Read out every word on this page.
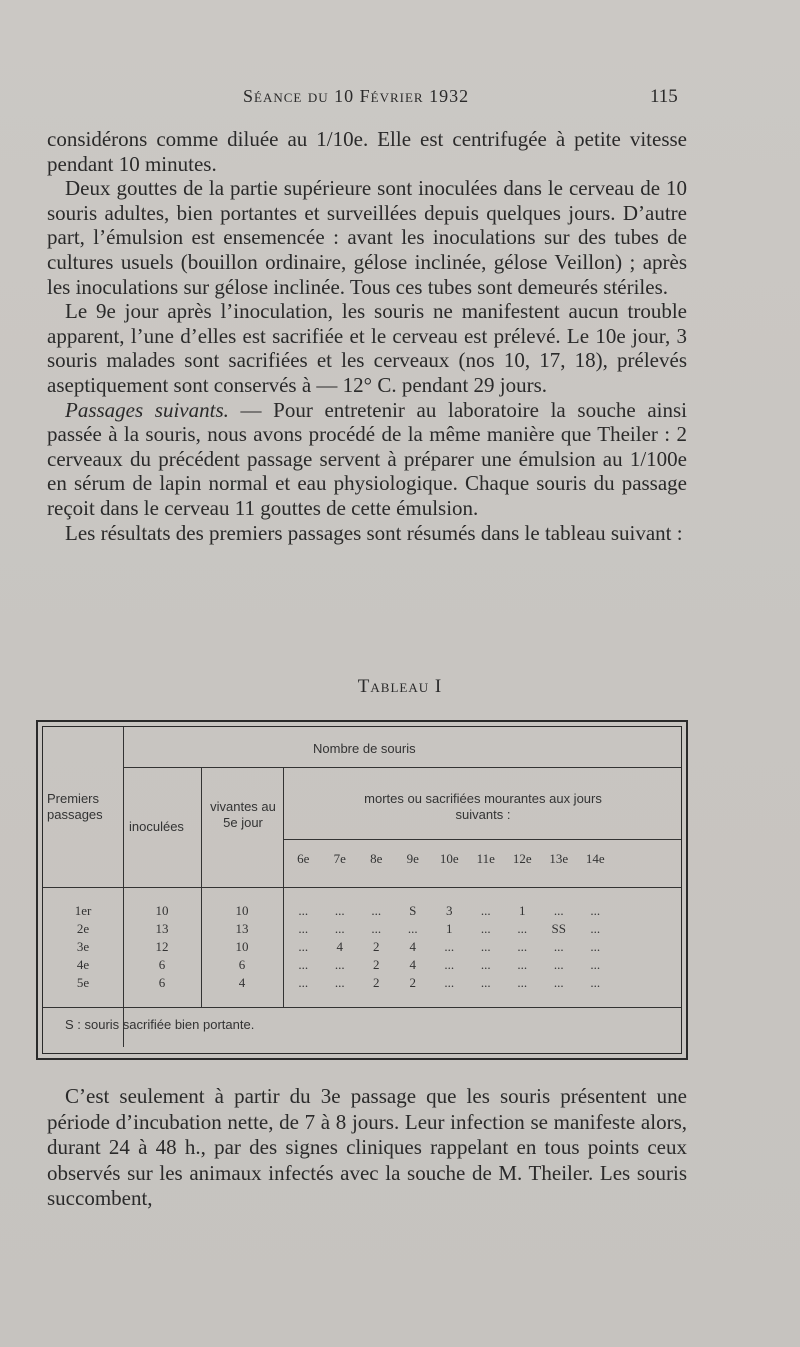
Séance du 10 Février 1932	115

considérons comme diluée au 1/10e. Elle est centrifugée à petite vitesse pendant 10 minutes.

Deux gouttes de la partie supérieure sont inoculées dans le cerveau de 10 souris adultes, bien portantes et surveillées depuis quelques jours. D’autre part, l’émulsion est ensemencée : avant les inoculations sur des tubes de cultures usuels (bouillon ordinaire, gélose inclinée, gélose Veillon) ; après les inoculations sur gélose inclinée. Tous ces tubes sont demeurés stériles.

Le 9e jour après l’inoculation, les souris ne manifestent aucun trouble apparent, l’une d’elles est sacrifiée et le cerveau est prélevé. Le 10e jour, 3 souris malades sont sacrifiées et les cerveaux (nos 10, 17, 18), prélevés aseptiquement sont conservés à — 12° C. pendant 29 jours.

Passages suivants. — Pour entretenir au laboratoire la souche ainsi passée à la souris, nous avons procédé de la même manière que Theiler : 2 cerveaux du précédent passage servent à préparer une émulsion au 1/100e en sérum de lapin normal et eau physiologique. Chaque souris du passage reçoit dans le cerveau 11 gouttes de cette émulsion.

Les résultats des premiers passages sont résumés dans le tableau suivant :

Tableau I
Nombre de souris
Premiers passages
inoculées
vivantes au 5e jour
mortes ou sacrifiées mourantes aux jours suivants :
6e	7e	8e	9e	10e	11e	12e	13e	14e
1er	10	10	...	...	...	S	3	...	1	...	...
2e	13	13	...	...	...	...	1	...	...	SS	...
3e	12	10	...	4	2	4	...	...	...	...	...
4e	6	6	...	...	2	4	...	...	...	...	...
5e	6	4	...	...	2	2	...	...	...	...	...
S : souris sacrifiée bien portante.

C’est seulement à partir du 3e passage que les souris présentent une période d’incubation nette, de 7 à 8 jours. Leur infection se manifeste alors, durant 24 à 48 h., par des signes cliniques rappelant en tous points ceux observés sur les animaux infectés avec la souche de M. Theiler. Les souris succombent,
